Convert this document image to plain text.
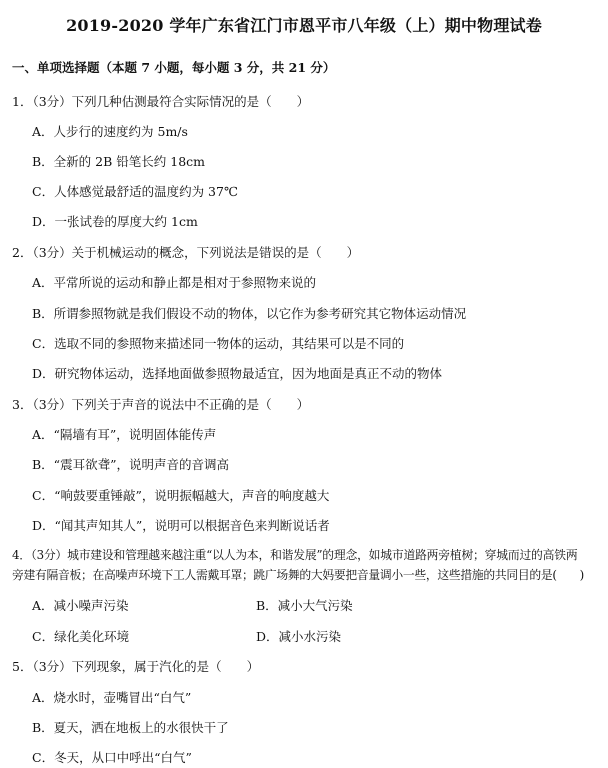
2019-2020 学年广东省江门市恩平市八年级（上）期中物理试卷
一、单项选择题（本题 7 小题，每小题 3 分，共 21 分）
1．（3分）下列几种估测最符合实际情况的是（　　）
A．人步行的速度约为 5m/s
B．全新的 2B 铅笔长约 18cm
C．人体感觉最舒适的温度约为 37℃
D．一张试卷的厚度大约 1cm
2．（3分）关于机械运动的概念，下列说法是错误的是（　　）
A．平常所说的运动和静止都是相对于参照物来说的
B．所谓参照物就是我们假设不动的物体，以它作为参考研究其它物体运动情况
C．选取不同的参照物来描述同一物体的运动，其结果可以是不同的
D．研究物体运动，选择地面做参照物最适宜，因为地面是真正不动的物体
3．（3分）下列关于声音的说法中不正确的是（　　）
A．“隔墙有耳”，说明固体能传声
B．“震耳欲聋”，说明声音的音调高
C．“响鼓要重锤敲”，说明振幅越大，声音的响度越大
D．“闻其声知其人”，说明可以根据音色来判断说话者
4．（3分）城市建设和管理越来越注重“以人为本，和谐发展”的理念，如城市道路两旁植树；穿城而过的高铁两
旁建有隔音板；在高噪声环境下工人需戴耳罩；跳广场舞的大妈要把音量调小一些，这些措施的共同目的是(　　)
A．减小噪声污染	B．减小大气污染
C．绿化美化环境	D．减小水污染
5．（3分）下列现象，属于汽化的是（　　）
A．烧水时，壶嘴冒出“白气”
B．夏天，洒在地板上的水很快干了
C．冬天，从口中呼出“白气”
